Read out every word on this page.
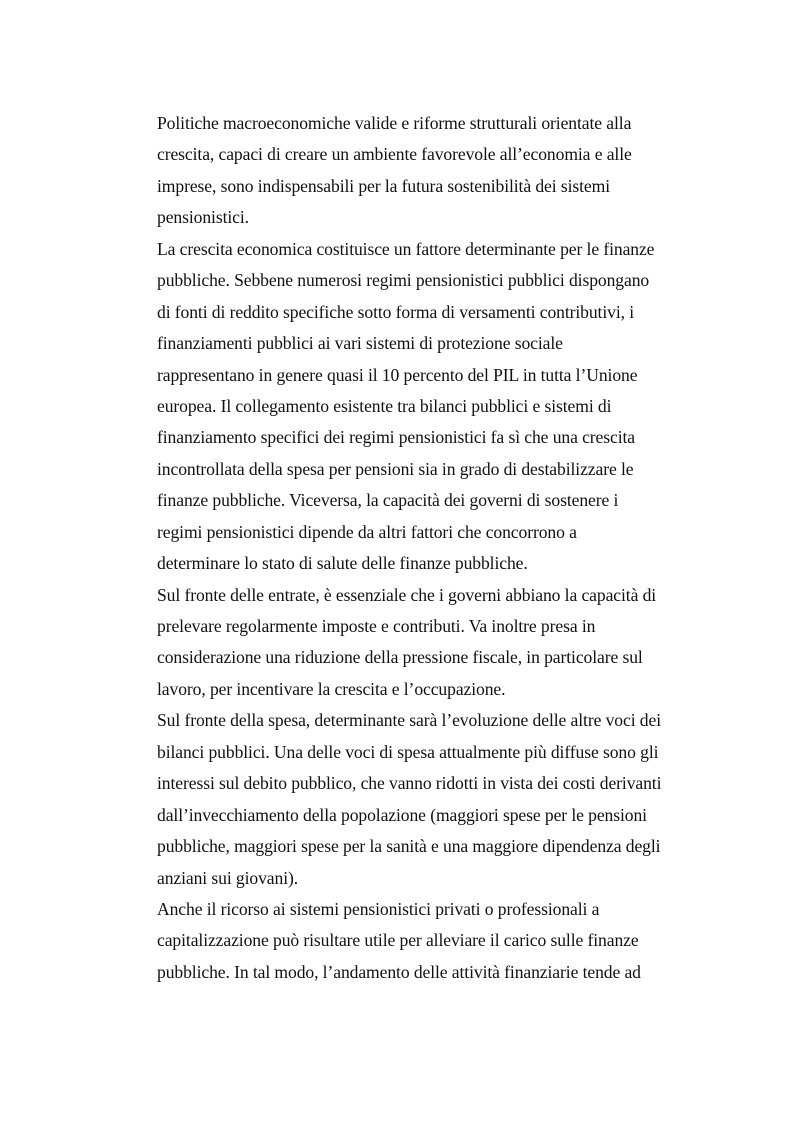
Politiche macroeconomiche valide e riforme strutturali orientate alla
crescita, capaci di creare un ambiente favorevole all’economia e alle
imprese, sono indispensabili per la futura sostenibilità dei sistemi
pensionistici.
La crescita economica costituisce un fattore determinante per le finanze
pubbliche. Sebbene numerosi regimi pensionistici pubblici dispongano
di fonti di reddito specifiche sotto forma di versamenti contributivi, i
finanziamenti pubblici ai vari sistemi di protezione sociale
rappresentano in genere quasi il 10 percento del PIL in tutta l’Unione
europea. Il collegamento esistente tra bilanci pubblici e sistemi di
finanziamento specifici dei regimi pensionistici fa sì che una crescita
incontrollata della spesa per pensioni sia in grado di destabilizzare le
finanze pubbliche. Viceversa, la capacità dei governi di sostenere i
regimi pensionistici dipende da altri fattori che concorrono a
determinare lo stato di salute delle finanze pubbliche.
Sul fronte delle entrate, è essenziale che i governi abbiano la capacità di
prelevare regolarmente imposte e contributi. Va inoltre presa in
considerazione una riduzione della pressione fiscale, in particolare sul
lavoro, per incentivare la crescita e l’occupazione.
Sul fronte della spesa, determinante sarà l’evoluzione delle altre voci dei
bilanci pubblici. Una delle voci di spesa attualmente più diffuse sono gli
interessi sul debito pubblico, che vanno ridotti in vista dei costi derivanti
dall’invecchiamento della popolazione (maggiori spese per le pensioni
pubbliche, maggiori spese per la sanità e una maggiore dipendenza degli
anziani sui giovani).
Anche il ricorso ai sistemi pensionistici privati o professionali a
capitalizzazione può risultare utile per alleviare il carico sulle finanze
pubbliche. In tal modo, l’andamento delle attività finanziarie tende ad
